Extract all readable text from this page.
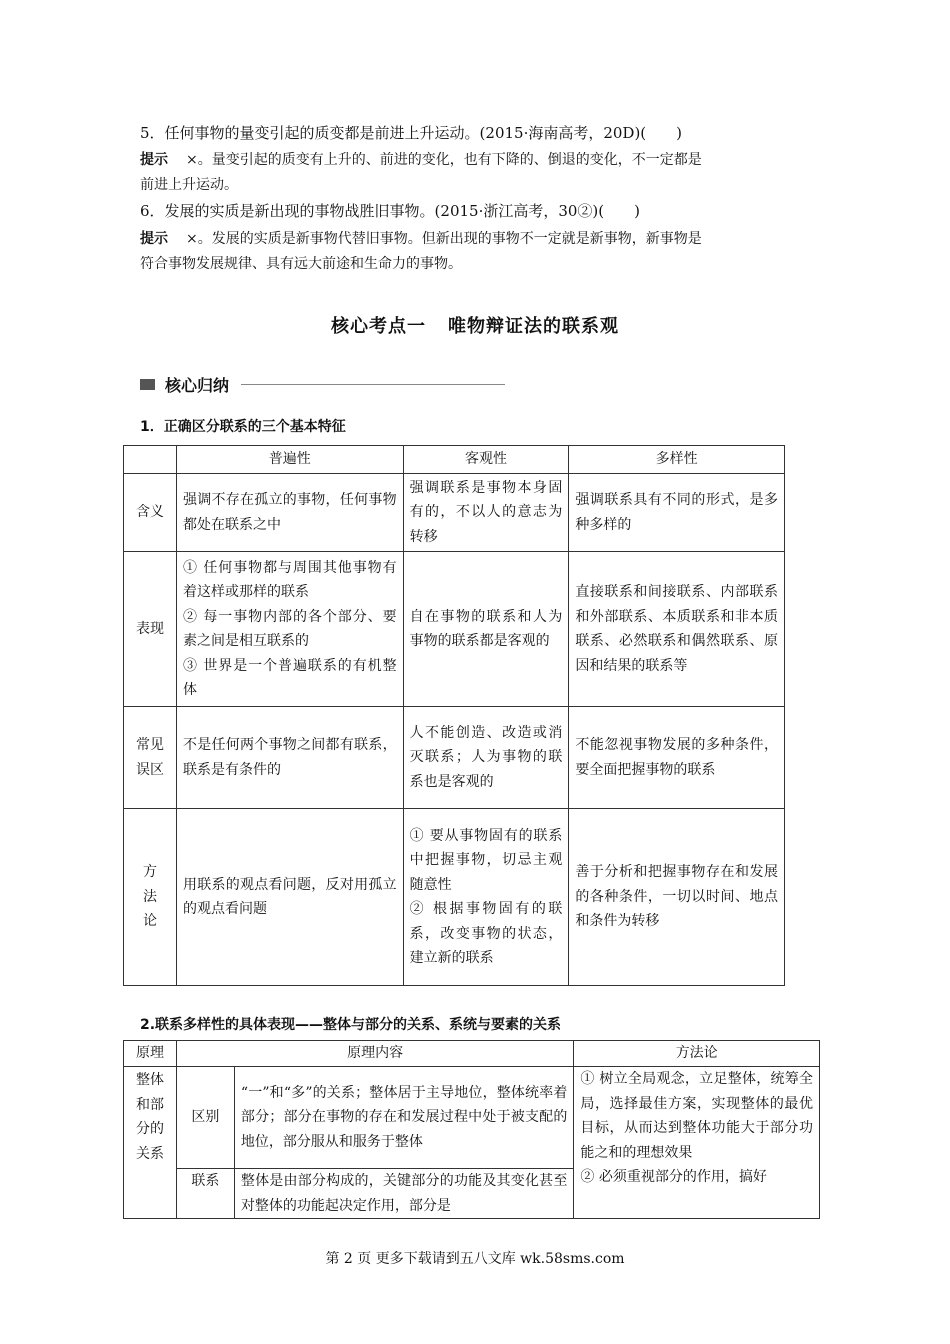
5．任何事物的量变引起的质变都是前进上升运动。(2015·海南高考，20D)(　　)
提示 ×。量变引起的质变有上升的、前进的变化，也有下降的、倒退的变化，不一定都是
前进上升运动。
6．发展的实质是新出现的事物战胜旧事物。(2015·浙江高考，30②)(　　)
提示 ×。发展的实质是新事物代替旧事物。但新出现的事物不一定就是新事物，新事物是
符合事物发展规律、具有远大前途和生命力的事物。
核心考点一 唯物辩证法的联系观
核心归纳
1．正确区分联系的三个基本特征
	普遍性	客观性	多样性
含义	强调不存在孤立的事物，任何事物都处在联系之中	强调联系是事物本身固有的，不以人的意志为转移	强调联系具有不同的形式，是多种多样的
表现	① 任何事物都与周围其他事物有着这样或那样的联系
② 每一事物内部的各个部分、要素之间是相互联系的
③ 世界是一个普遍联系的有机整体	自在事物的联系和人为事物的联系都是客观的	直接联系和间接联系、内部联系和外部联系、本质联系和非本质联系、必然联系和偶然联系、原因和结果的联系等
常见误区	不是任何两个事物之间都有联系，联系是有条件的	人不能创造、改造或消灭联系；人为事物的联系也是客观的	不能忽视事物发展的多种条件，要全面把握事物的联系
方法论	用联系的观点看问题，反对用孤立的观点看问题	① 要从事物固有的联系中把握事物，切忌主观随意性
② 根据事物固有的联系，改变事物的状态，建立新的联系	善于分析和把握事物存在和发展的各种条件，一切以时间、地点和条件为转移
2.联系多样性的具体表现——整体与部分的关系、系统与要素的关系
原理	原理内容		方法论
整体和部分的关系	区别	“一”和“多”的关系；整体居于主导地位，整体统率着部分；部分在事物的存在和发展过程中处于被支配的地位，部分服从和服务于整体	① 树立全局观念，立足整体，统筹全局，选择最佳方案，实现整体的最优目标，从而达到整体功能大于部分功能之和的理想效果
② 必须重视部分的作用，搞好

	联系	整体是由部分构成的，关键部分的功能及其变化甚至对整体的功能起决定作用，部分是	
第 2 页 更多下载请到五八文库 wk.58sms.com
